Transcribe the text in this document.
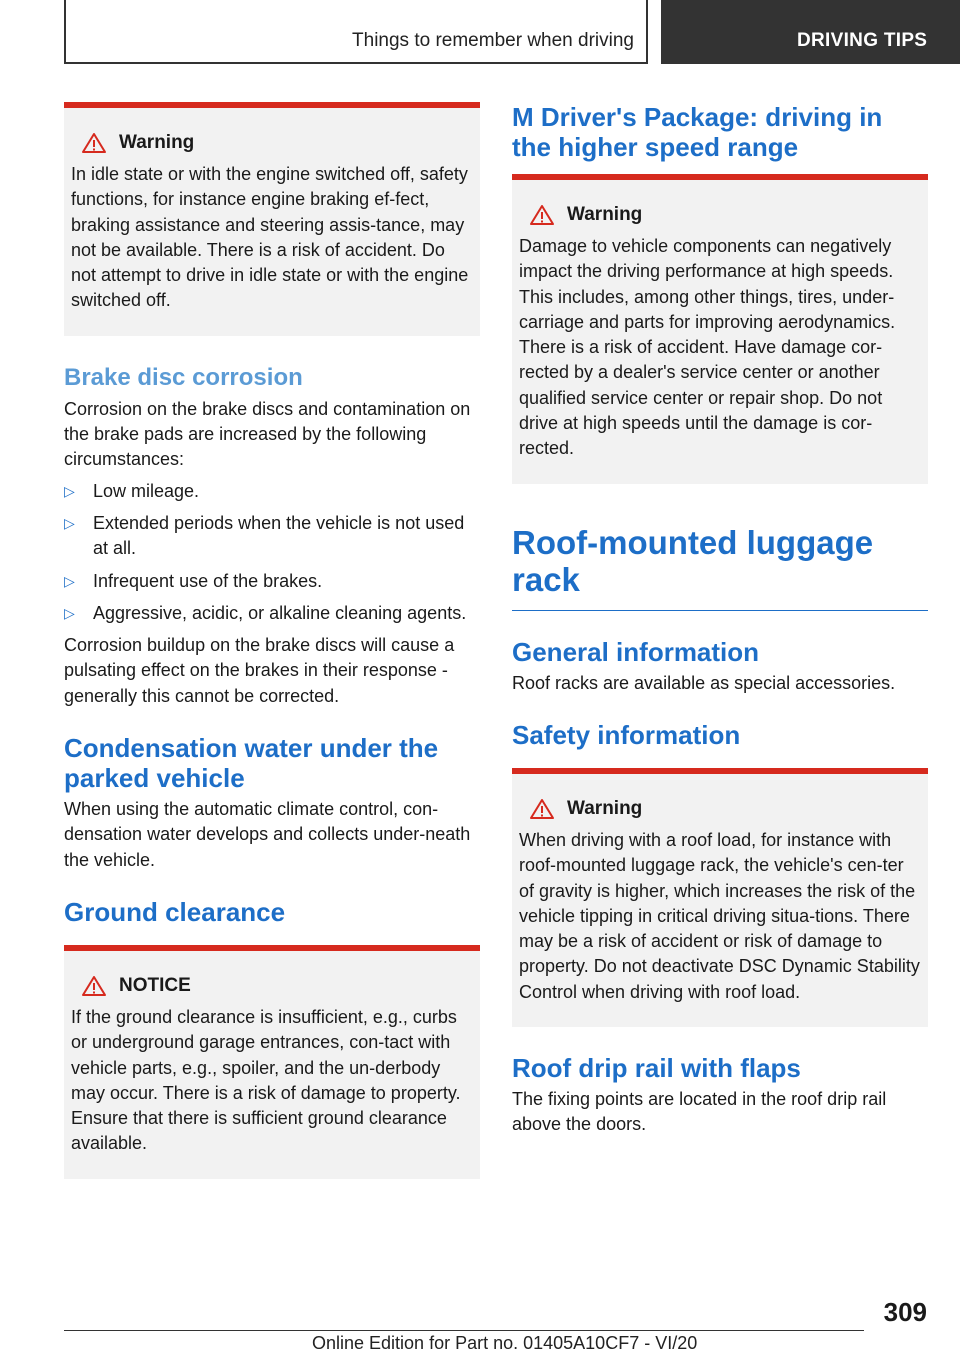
Things to remember when driving	DRIVING TIPS
Warning
In idle state or with the engine switched off, safety functions, for instance engine braking ef-fect, braking assistance and steering assis-tance, may not be available. There is a risk of accident. Do not attempt to drive in idle state or with the engine switched off.
Brake disc corrosion

Corrosion on the brake discs and contamination on the brake pads are increased by the following circumstances:

▷ Low mileage.
▷ Extended periods when the vehicle is not used at all.
▷ Infrequent use of the brakes.
▷ Aggressive, acidic, or alkaline cleaning agents.

Corrosion buildup on the brake discs will cause a pulsating effect on the brakes in their response - generally this cannot be corrected.

Condensation water under the parked vehicle

When using the automatic climate control, con-densation water develops and collects under-neath the vehicle.

Ground clearance
NOTICE
If the ground clearance is insufficient, e.g., curbs or underground garage entrances, con-tact with vehicle parts, e.g., spoiler, and the un-derbody may occur. There is a risk of damage to property. Ensure that there is sufficient ground clearance available.
M Driver's Package: driving in the higher speed range
Warning
Damage to vehicle components can negatively impact the driving performance at high speeds. This includes, among other things, tires, under-carriage and parts for improving aerodynamics. There is a risk of accident. Have damage cor-rected by a dealer's service center or another qualified service center or repair shop. Do not drive at high speeds until the damage is cor-rected.
Roof-mounted luggage rack
General information

Roof racks are available as special accessories.

Safety information
Warning
When driving with a roof load, for instance with roof-mounted luggage rack, the vehicle's cen-ter of gravity is higher, which increases the risk of the vehicle tipping in critical driving situa-tions. There may be a risk of accident or risk of damage to property. Do not deactivate DSC Dynamic Stability Control when driving with roof load.
Roof drip rail with flaps

The fixing points are located in the roof drip rail above the doors.

309
Online Edition for Part no. 01405A10CF7 - VI/20
